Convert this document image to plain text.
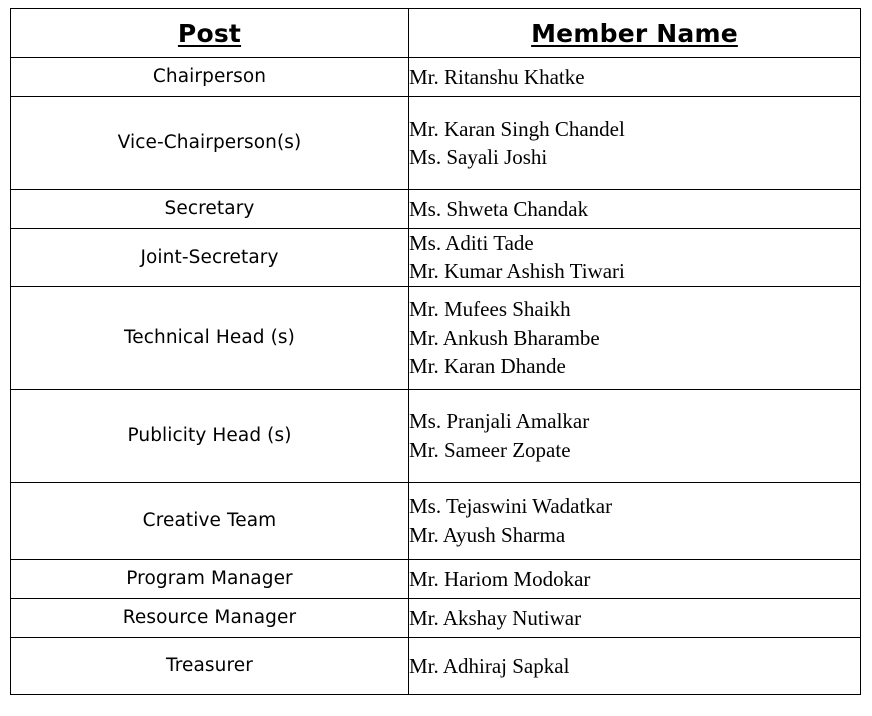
Post	Member Name

Chairperson	Mr. Ritanshu Khatke

Vice-Chairperson(s)	Mr. Karan Singh Chandel
Ms. Sayali Joshi

Secretary	Ms. Shweta Chandak

Joint-Secretary	Ms. Aditi Tade
Mr. Kumar Ashish Tiwari

Technical Head (s)	Mr. Mufees Shaikh
Mr. Ankush Bharambe
Mr. Karan Dhande

Publicity Head (s)	Ms. Pranjali Amalkar
Mr. Sameer Zopate

Creative Team	Ms. Tejaswini Wadatkar
Mr. Ayush Sharma

Program Manager	Mr. Hariom Modokar

Resource Manager	Mr. Akshay Nutiwar

Treasurer	Mr. Adhiraj Sapkal
